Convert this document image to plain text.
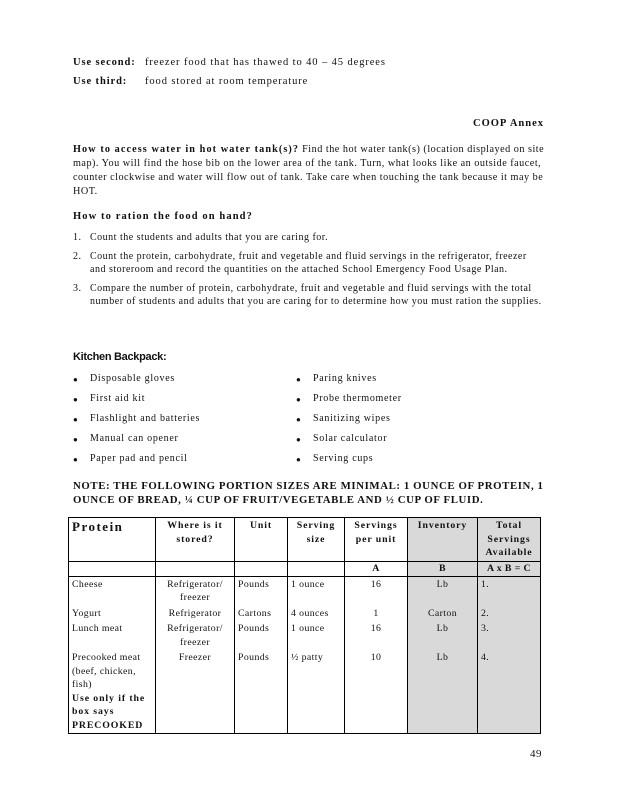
Use second: freezer food that has thawed to 40 – 45 degrees
Use third: food stored at room temperature
COOP Annex
How to access water in hot water tank(s)? Find the hot water tank(s) (location displayed on site map). You will find the hose bib on the lower area of the tank. Turn, what looks like an outside faucet, counter clockwise and water will flow out of tank. Take care when touching the tank because it may be HOT.
How to ration the food on hand?
1. Count the students and adults that you are caring for.
2. Count the protein, carbohydrate, fruit and vegetable and fluid servings in the refrigerator, freezer and storeroom and record the quantities on the attached School Emergency Food Usage Plan.
3. Compare the number of protein, carbohydrate, fruit and vegetable and fluid servings with the total number of students and adults that you are caring for to determine how you must ration the supplies.
Kitchen Backpack:
● Disposable gloves
● First aid kit
● Flashlight and batteries
● Manual can opener
● Paper pad and pencil
● Paring knives
● Probe thermometer
● Sanitizing wipes
● Solar calculator
● Serving cups
NOTE: THE FOLLOWING PORTION SIZES ARE MINIMAL: 1 OUNCE OF PROTEIN, 1 OUNCE OF BREAD, ¼ CUP OF FRUIT/VEGETABLE AND ½ CUP OF FLUID.
Protein	Where is it stored?	Unit	Serving size	Servings per unit	Inventory	Total Servings Available
				A	B	A x B = C
Cheese	Refrigerator/ freezer	Pounds	1 ounce	16	Lb	1.
Yogurt	Refrigerator	Cartons	4 ounces	1	Carton	2.
Lunch meat	Refrigerator/ freezer	Pounds	1 ounce	16	Lb	3.

Precooked meat (beef, chicken, fish)
Use only if the box says PRECOOKED	Freezer	Pounds	½ patty	10	Lb	4.
49
